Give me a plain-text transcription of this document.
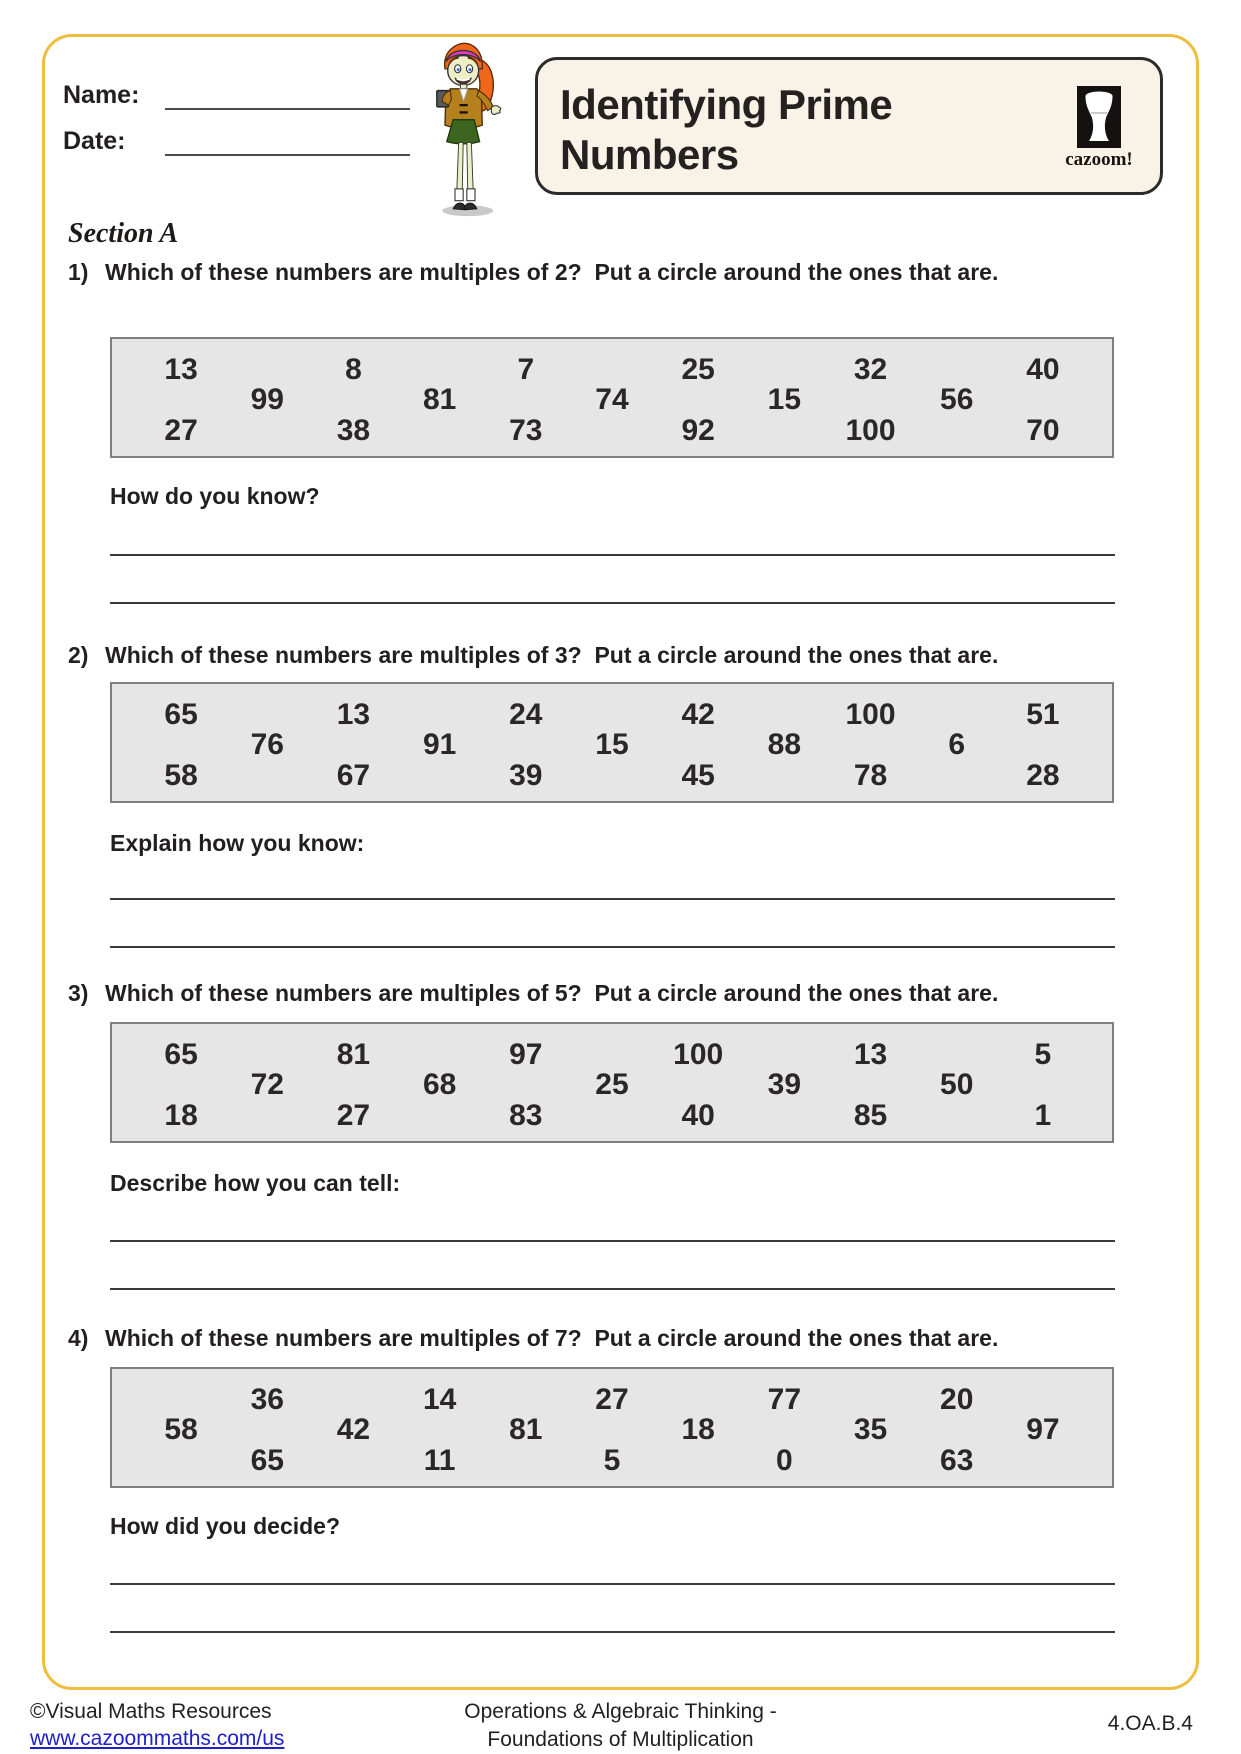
Name:
Date:
Identifying Prime Numbers	cazoom!
Section A
1) Which of these numbers are multiples of 2?  Put a circle around the ones that are.
13	8	7	25	32	40
99	81	74	15	56
27	38	73	92	100	70
How do you know?
2) Which of these numbers are multiples of 3?  Put a circle around the ones that are.
65	13	24	42	100	51
76	91	15	88	6
58	67	39	45	78	28
Explain how you know:
3) Which of these numbers are multiples of 5?  Put a circle around the ones that are.
65	81	97	100	13	5
72	68	25	39	50
18	27	83	40	85	1
Describe how you can tell:
4) Which of these numbers are multiples of 7?  Put a circle around the ones that are.
36	14	27	77	20
58	42	81	18	35	97
65	11	5	0	63
How did you decide?
©Visual Maths Resources
www.cazoommaths.com/us
Operations & Algebraic Thinking -
Foundations of Multiplication
4.OA.B.4
